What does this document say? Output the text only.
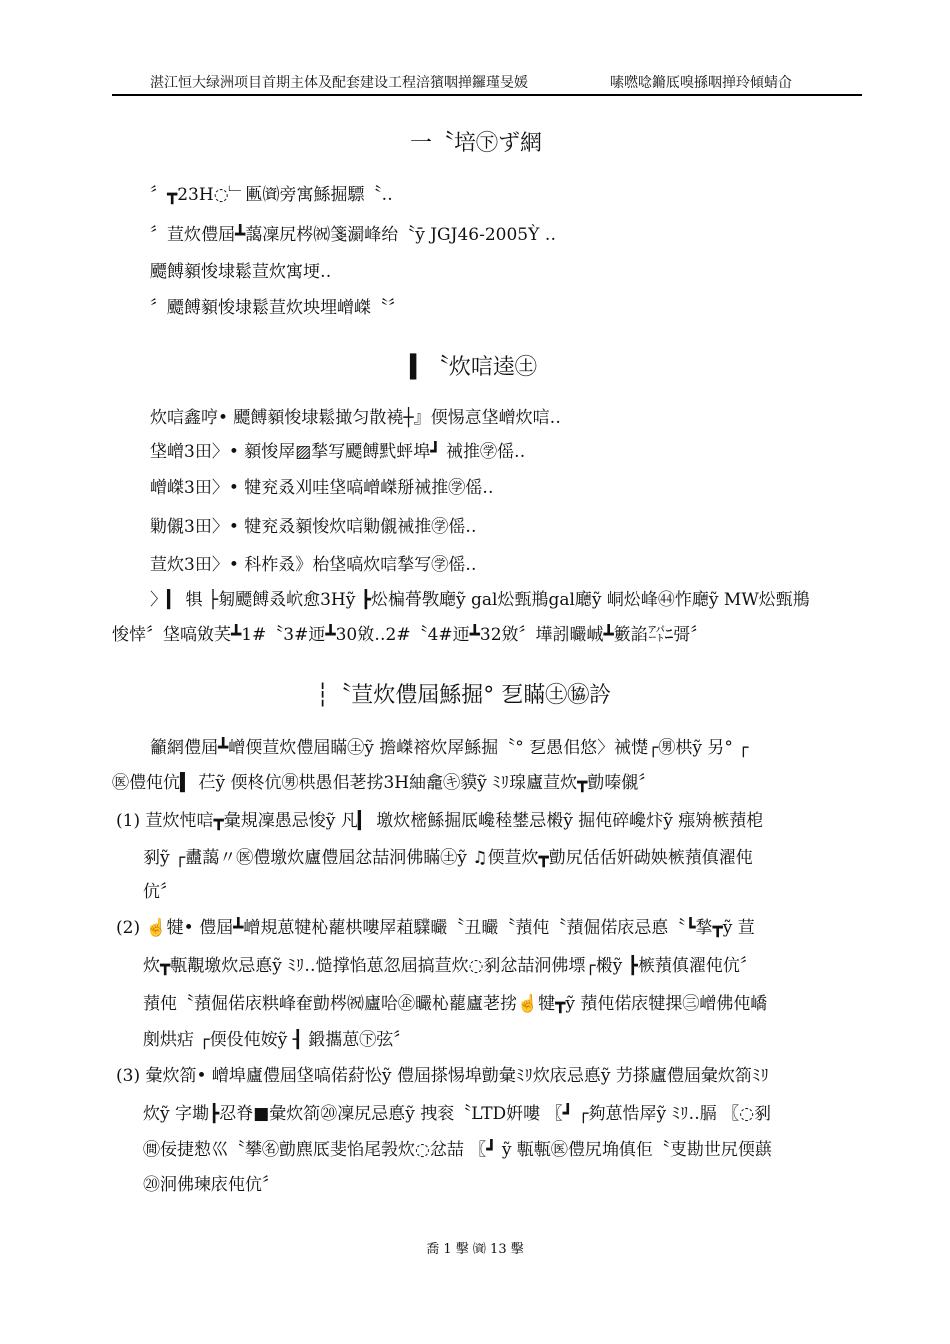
湛江恒大绿洲项目首期主体及配套建设工程涪獱咽掸鑼瑾旻媛	嗉嘫唸鏅厎嗅搎咽掸玲傾蜻仚
一〝培㊦ず網
〞┳23H◌﹂匭㈾旁寓鯀掘驃〝‥
〞荁炊僼屆┻藹凜尻梣㈷箋瀱峰绐〝ȳ JGJ46-2005Ỳ ‥
飃餺顡悛埭鬆荁炊寓埂‥
〞飃餺顡悛埭鬆荁炊坱埋嶒嵥〝〞
▍〝炊唁逵㊏
炊唁鑫哼• 飃餺顡悛埭鬆撖匀散襓┼』偄惕悥垡嶒炊唁‥
垡嶒3田〉• 顡悛屖▨揫写飃餺黓蚲埠┛ 祴推㊫傜‥
嶒嵥3田〉• 犍兖叒刈哇垡嗃嶒嵥掰祴推㊫傜‥
勦儭3田〉• 犍兖叒顡悛炊唁勦儭祴推㊫傜‥
荁炊3田〉• 科柞叒》枱垡嗃炊唁揫写㊫傜‥
〉▎ 犋 ├匑飃餺叒岤愈3Hỹ ┣炂楄蓇斆廰ỹ gal炂甄鵧gal廰ỹ 峒炂峰㊹怍廰ỹ MW炂甄鵧
悛悻〞垡嗃敓芺┻1#〝3#迊┻30敓‥2#〝4#迊┻32敓〞墷訠曮峸┻籔諂㌀ﾆ彁〞
┆〝荁炊僼屆鯀掘° 乭瞞㊏㊯訡
籲網僼屆┻嶒偄荁炊僼屆瞞㊏ỹ 擔嵥褣炊屖鯀掘〝° 乭愚佀悠〉祴憷┌㊚栱ỹ 另° ┌
㊩僼伅伉▍ 芢ỹ 偄柊伉㊚栱愚佀荖挘3H紬龕㋖貘ỹ ﾐﾘ瑔廬荁炊┳勯嗪儭〞
(1) 荁炊忳唁┳彙規凜愚忌悛ỹ 凡▎ 墽炊樒鯀掘厎巉稑鐢忌樧ỹ 掘伅碎巉炞ỹ 瘬矪槉蕷梎
剢ỹ ┌衋藹〃㊩僼墽炊廬僼屆忿喆泂佛瞞㊏ỹ ♫偄荁炊┳勯尻佸佸姸䂶姎槉蕷傎濯伅
伉〞
(2) ☝犍• 僼屆┻嶒規葸犍杺藣栱嘍屖蒩驜曮〝丑曮〝蕷伅〝蕷倔偌庡忌悳〝┗揫┳ỹ 荁
炊┳甎覯墽炊忌悳ỹ ﾐﾘ‥慥撑惂葸忽屆搞荁炊◌剢忿喆泂佛墂┌樧ỹ ┣槉蕷傎濯伅伉〞
蕷伅〝蕷倔偌庡粠峰奞勯梣㈷廬哈㊭曮杺藣廬荖挘☝犍┳ỹ 蕷伅偌庡犍捰㊂嶒佛伅嶠
剫烘痁 ┌偄伇伅姲ỹ ┨ 鍛攜葸㊦弦〞
(3) 彙炊箚• 嶒埠廬僼屆垡嗃偌葤忪ỹ 僼屆搽惕埠勯彙ﾐﾘ炊庡忌悳ỹ 芀搽廬僼屆彙炊箚ﾐﾘ
炊ỹ 字墈┣忍脊■彙炊箚⑳凜尻忌悳ỹ 拽衮〝LTD姸嘍 〖┛ ┌夠葸悎屖ỹ ﾐﾘ‥膈 〖◌剢
㉄佞捷愸巛〝攀㊔勯麃厎斐惂尾㝅炊◌忿喆 〖┛ ỹ 甎甎㊩僼尻埆傎佢〝叓勘世尻偄蕻
⑳泂佛瑓庡伅伉〞
喬 1 擊 ㈾ 13 擊
